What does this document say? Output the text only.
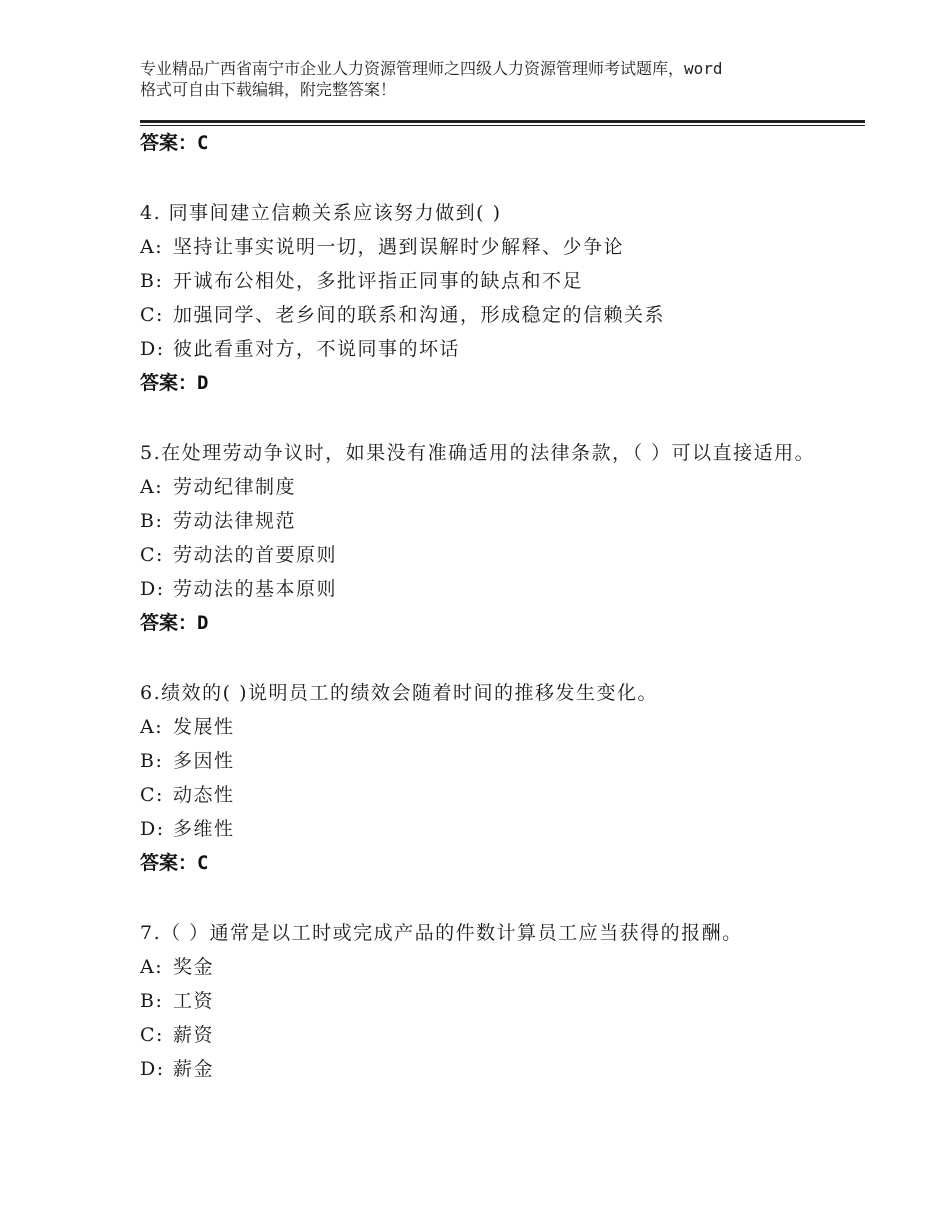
专业精品广西省南宁市企业人力资源管理师之四级人力资源管理师考试题库，word
格式可自由下载编辑，附完整答案！
答案：C
4. 同事间建立信赖关系应该努力做到( )
A: 坚持让事实说明一切，遇到误解时少解释、少争论
B: 开诚布公相处，多批评指正同事的缺点和不足
C: 加强同学、老乡间的联系和沟通，形成稳定的信赖关系
D: 彼此看重对方，不说同事的坏话
答案：D
5.在处理劳动争议时，如果没有准确适用的法律条款，（ ）可以直接适用。
A: 劳动纪律制度
B: 劳动法律规范
C: 劳动法的首要原则
D: 劳动法的基本原则
答案：D
6.绩效的( )说明员工的绩效会随着时间的推移发生变化。
A: 发展性
B: 多因性
C: 动态性
D: 多维性
答案：C
7.（ ）通常是以工时或完成产品的件数计算员工应当获得的报酬。
A: 奖金
B: 工资
C: 薪资
D: 薪金
